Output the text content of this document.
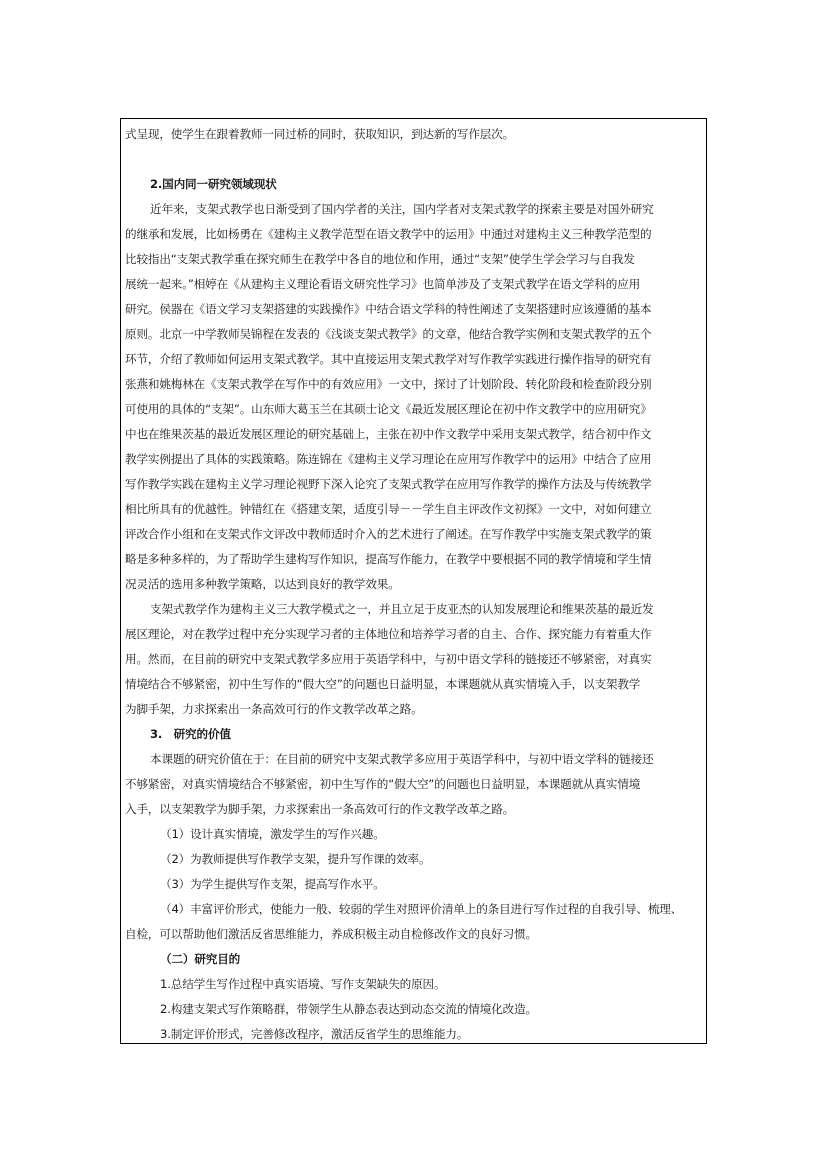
式呈现，使学生在跟着教师一同过桥的同时，获取知识，到达新的写作层次。
2.国内同一研究领域现状
近年来，支架式教学也日渐受到了国内学者的关注，国内学者对支架式教学的探索主要是对国外研究
的继承和发展，比如杨勇在《建构主义教学范型在语文教学中的运用》中通过对建构主义三种教学范型的
比较指出“支架式教学重在探究师生在教学中各自的地位和作用，通过“支架”使学生学会学习与自我发
展统一起来。”相婷在《从建构主义理论看语文研究性学习》也简单涉及了支架式教学在语文学科的应用
研究。侯器在《语文学习支架搭建的实践操作》中结合语文学科的特性阐述了支架搭建时应该遵循的基本
原则。北京一中学教师吴锦程在发表的《浅谈支架式教学》的文章，他结合教学实例和支架式教学的五个
环节，介绍了教师如何运用支架式教学。其中直接运用支架式教学对写作教学实践进行操作指导的研究有
张燕和姚梅林在《支架式教学在写作中的有效应用》一文中，探讨了计划阶段、转化阶段和检查阶段分别
可使用的具体的“支架”。山东师大葛玉兰在其硕士论文《最近发展区理论在初中作文教学中的应用研究》
中也在维果茨基的最近发展区理论的研究基础上，主张在初中作文教学中采用支架式教学，结合初中作文
教学实例提出了具体的实践策略。陈连锦在《建构主义学习理论在应用写作教学中的运用》中结合了应用
写作教学实践在建构主义学习理论视野下深入论究了支架式教学在应用写作教学的操作方法及与传统教学
相比所具有的优越性。钟错红在《搭建支架，适度引导－－学生自主评改作文初探》一文中，对如何建立
评改合作小组和在支架式作文评改中教师适时介入的艺术进行了阐述。在写作教学中实施支架式教学的策
略是多种多样的，为了帮助学生建构写作知识，提高写作能力，在教学中要根据不同的教学情境和学生情
况灵活的选用多种教学策略，以达到良好的教学效果。
支架式教学作为建构主义三大教学模式之一，并且立足于皮亚杰的认知发展理论和维果茨基的最近发
展区理论，对在教学过程中充分实现学习者的主体地位和培养学习者的自主、合作、探究能力有着重大作
用。然而，在目前的研究中支架式教学多应用于英语学科中，与初中语文学科的链接还不够紧密，对真实
情境结合不够紧密，初中生写作的“假大空”的问题也日益明显，本课题就从真实情境入手，以支架教学
为脚手架，力求探索出一条高效可行的作文教学改革之路。
3.　研究的价值
本课题的研究价值在于：在目前的研究中支架式教学多应用于英语学科中，与初中语文学科的链接还
不够紧密，对真实情境结合不够紧密，初中生写作的“假大空”的问题也日益明显，本课题就从真实情境
入手，以支架教学为脚手架，力求探索出一条高效可行的作文教学改革之路。
（1）设计真实情境，激发学生的写作兴趣。
（2）为教师提供写作教学支架，提升写作课的效率。
（3）为学生提供写作支架，提高写作水平。
（4）丰富评价形式，使能力一般、较弱的学生对照评价清单上的条目进行写作过程的自我引导、梳理、
自检，可以帮助他们激活反省思维能力，养成积极主动自检修改作文的良好习惯。
（二）研究目的
1.总结学生写作过程中真实语境、写作支架缺失的原因。
2.构建支架式写作策略群，带领学生从静态表达到动态交流的情境化改造。
3.制定评价形式，完善修改程序，激活反省学生的思维能力。
